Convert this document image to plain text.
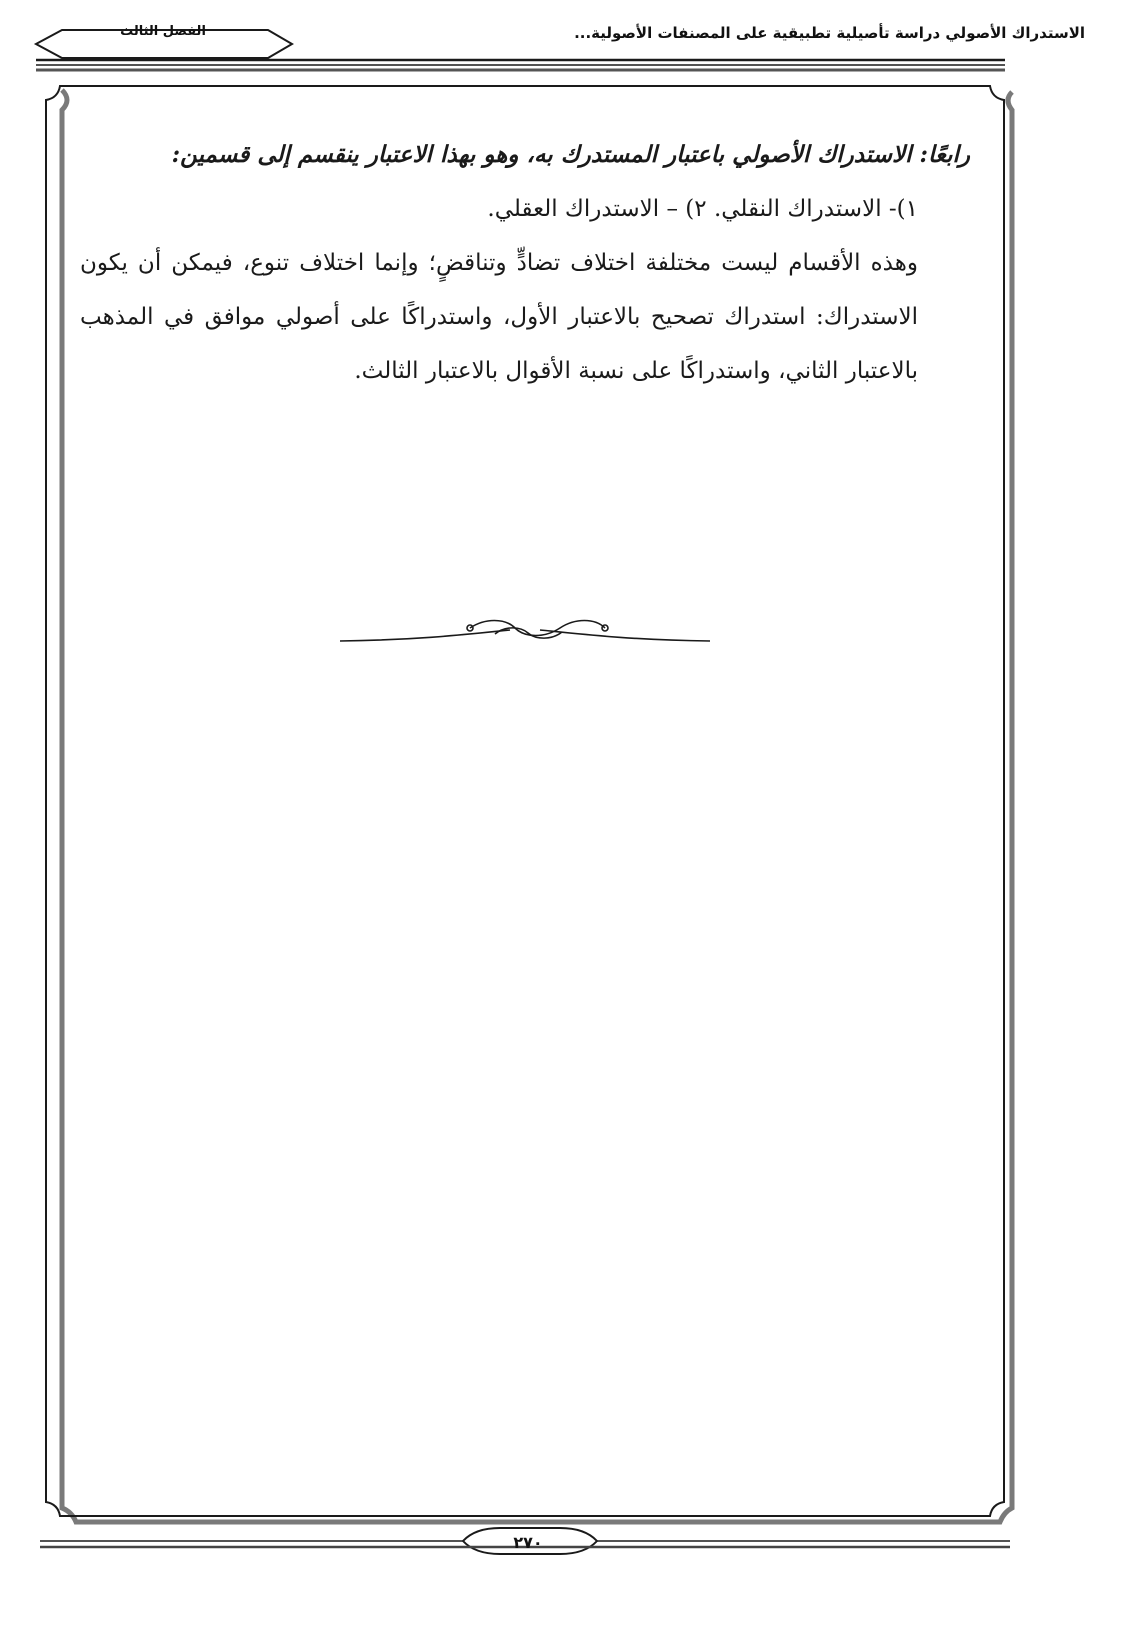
الاستدراك الأصولي دراسة تأصيلية تطبيقية على المصنفات الأصولية...
الفصل الثالث

رابعًا: الاستدراك الأصولي باعتبار المستدرك به، وهو بهذا الاعتبار ينقسم إلى قسمين:

١)- الاستدراك النقلي. ٢) – الاستدراك العقلي.

وهذه الأقسام ليست مختلفة اختلاف تضادٍّ وتناقضٍ؛ وإنما اختلاف تنوع، فيمكن أن يكون الاستدراك: استدراك تصحيح بالاعتبار الأول، واستدراكًا على أصولي موافق في المذهب بالاعتبار الثاني، واستدراكًا على نسبة الأقوال بالاعتبار الثالث.

٢٧٠
